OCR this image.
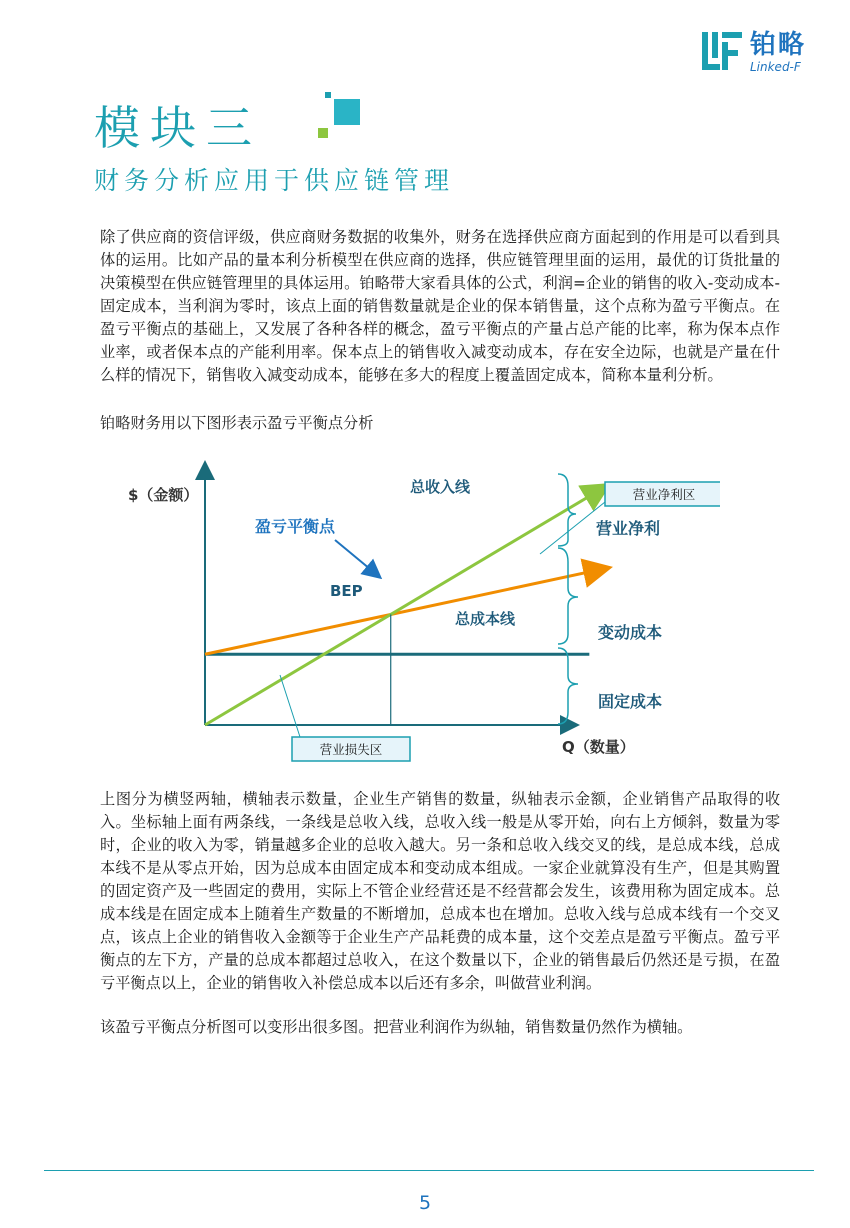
铂略
Linked-F
模块三
财务分析应用于供应链管理

除了供应商的资信评级，供应商财务数据的收集外，财务在选择供应商方面起到的作用是可以看到具体的运用。比如产品的量本利分析模型在供应商的选择，供应链管理里面的运用，最优的订货批量的决策模型在供应链管理里的具体运用。铂略带大家看具体的公式，利润=企业的销售的收入-变动成本-固定成本，当利润为零时，该点上面的销售数量就是企业的保本销售量，这个点称为盈亏平衡点。在盈亏平衡点的基础上，又发展了各种各样的概念，盈亏平衡点的产量占总产能的比率，称为保本点作业率，或者保本点的产能利用率。保本点上的销售收入减变动成本，存在安全边际，也就是产量在什么样的情况下，销售收入减变动成本，能够在多大的程度上覆盖固定成本，简称本量利分析。

铂略财务用以下图形表示盈亏平衡点分析

$（金额）
Q（数量）
总收入线
总成本线
BEP
盈亏平衡点
营业净利区
营业损失区
营业净利
变动成本
固定成本

上图分为横竖两轴，横轴表示数量，企业生产销售的数量，纵轴表示金额，企业销售产品取得的收入。坐标轴上面有两条线，一条线是总收入线，总收入线一般是从零开始，向右上方倾斜，数量为零时，企业的收入为零，销量越多企业的总收入越大。另一条和总收入线交叉的线，是总成本线，总成本线不是从零点开始，因为总成本由固定成本和变动成本组成。一家企业就算没有生产，但是其购置的固定资产及一些固定的费用，实际上不管企业经营还是不经营都会发生，该费用称为固定成本。总成本线是在固定成本上随着生产数量的不断增加，总成本也在增加。总收入线与总成本线有一个交叉点，该点上企业的销售收入金额等于企业生产产品耗费的成本量，这个交差点是盈亏平衡点。盈亏平衡点的左下方，产量的总成本都超过总收入，在这个数量以下，企业的销售最后仍然还是亏损，在盈亏平衡点以上，企业的销售收入补偿总成本以后还有多余，叫做营业利润。

该盈亏平衡点分析图可以变形出很多图。把营业利润作为纵轴，销售数量仍然作为横轴。

5
